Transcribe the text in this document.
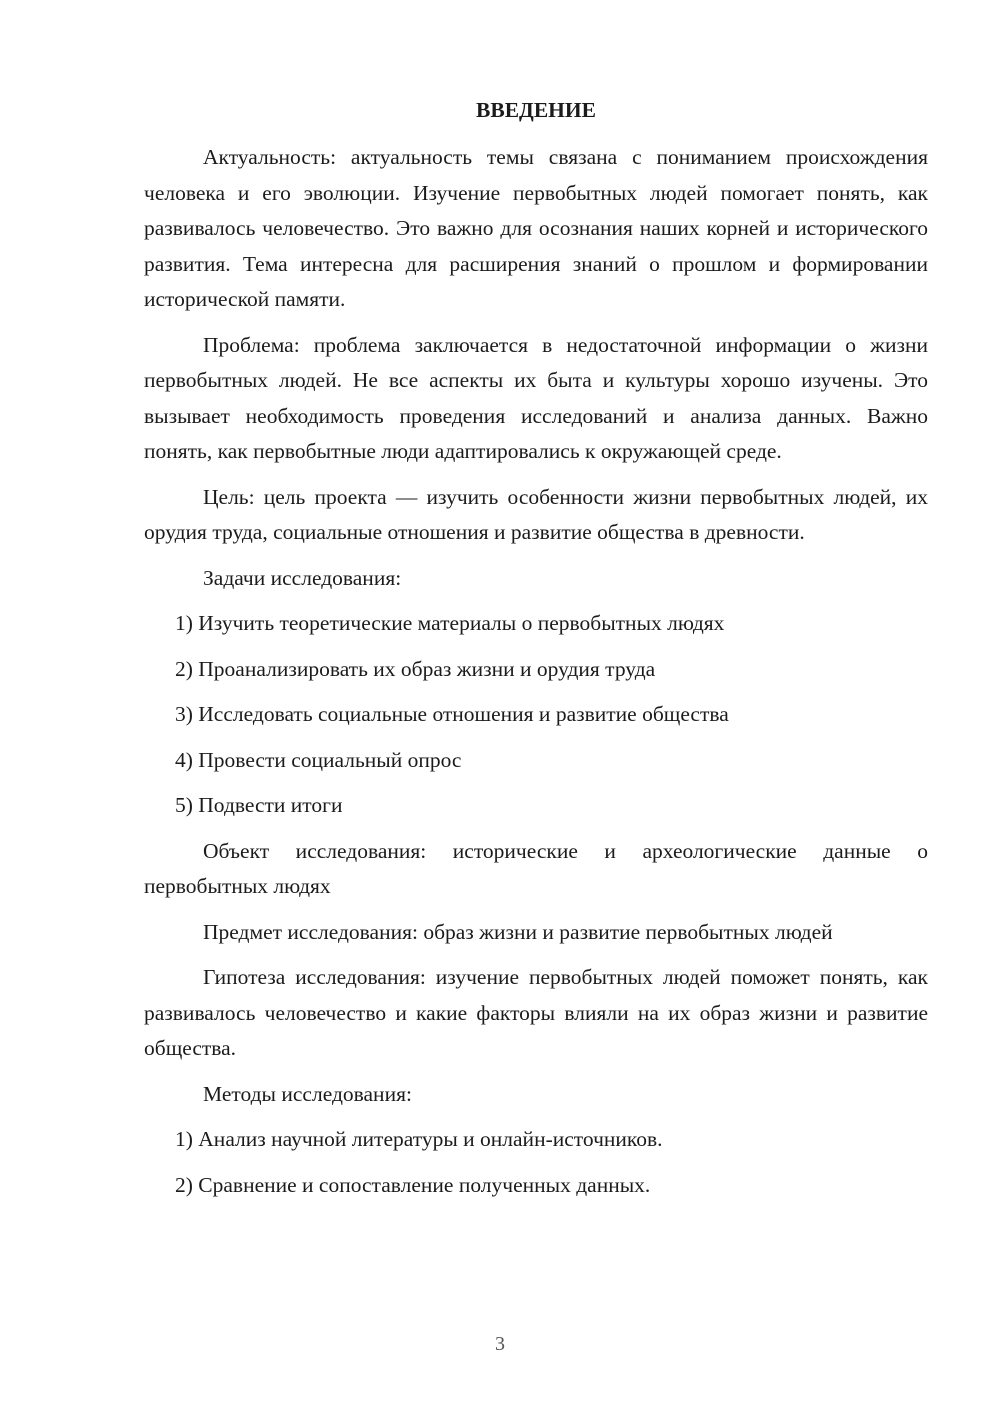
ВВЕДЕНИЕ

Актуальность: актуальность темы связана с пониманием происхождения человека и его эволюции. Изучение первобытных людей помогает понять, как развивалось человечество. Это важно для осознания наших корней и исторического развития. Тема интересна для расширения знаний о прошлом и формировании исторической памяти.

Проблема: проблема заключается в недостаточной информации о жизни первобытных людей. Не все аспекты их быта и культуры хорошо изучены. Это вызывает необходимость проведения исследований и анализа данных. Важно понять, как первобытные люди адаптировались к окружающей среде.

Цель: цель проекта — изучить особенности жизни первобытных людей, их орудия труда, социальные отношения и развитие общества в древности.

Задачи исследования:

1) Изучить теоретические материалы о первобытных людях

2) Проанализировать их образ жизни и орудия труда

3) Исследовать социальные отношения и развитие общества

4) Провести социальный опрос

5) Подвести итоги

Объект исследования: исторические и археологические данные о первобытных людях

Предмет исследования: образ жизни и развитие первобытных людей

Гипотеза исследования: изучение первобытных людей поможет понять, как развивалось человечество и какие факторы влияли на их образ жизни и развитие общества.

Методы исследования:

1) Анализ научной литературы и онлайн-источников.

2) Сравнение и сопоставление полученных данных.

3
